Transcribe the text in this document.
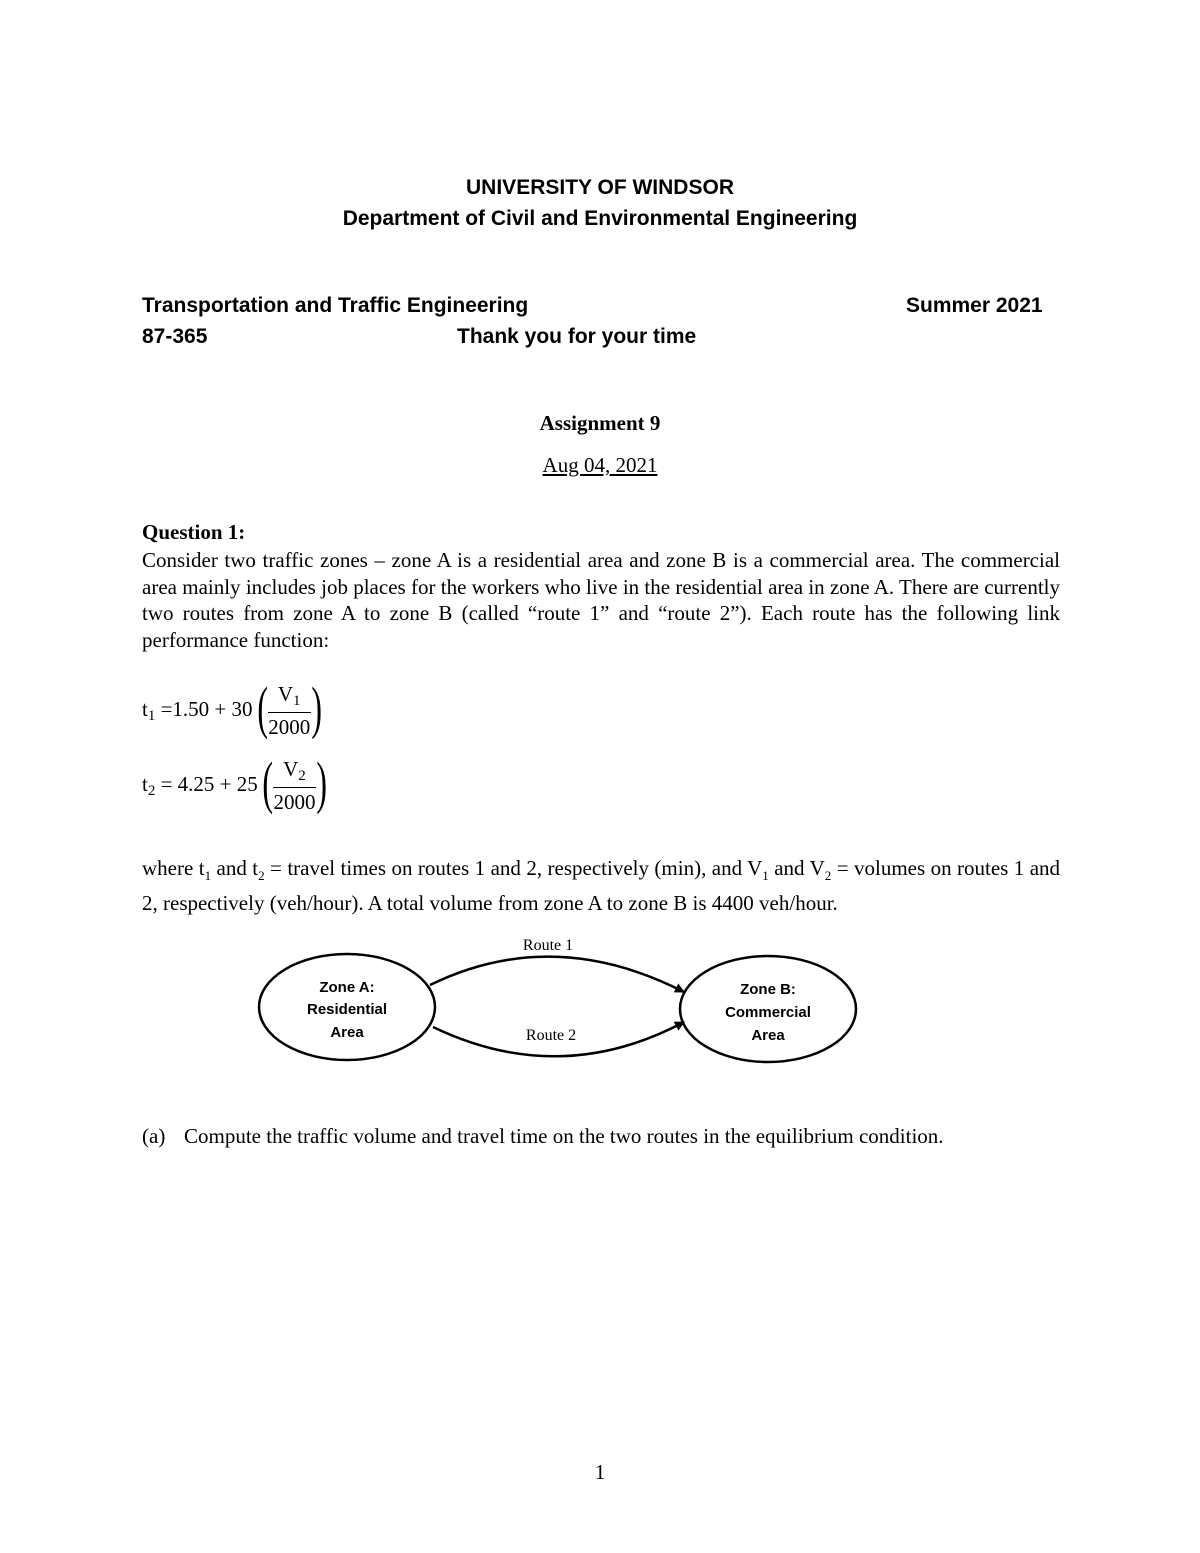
UNIVERSITY OF WINDSOR
Department of Civil and Environmental Engineering
Transportation and Traffic Engineering	Summer 2021
87-365	Thank you for your time
Assignment 9
Aug 04, 2021
Question 1:
Consider two traffic zones – zone A is a residential area and zone B is a commercial area. The commercial area mainly includes job places for the workers who live in the residential area in zone A. There are currently two routes from zone A to zone B (called “route 1” and “route 2”). Each route has the following link performance function:
$t_1 =1.50 + 30$ ( $\frac{V_1}{2000}$ )
$t_2 = 4.25 + 25$ ( $\frac{V_2}{2000}$ )
where $t_1$ and $t_2$ = travel times on routes 1 and 2, respectively (min), and $V_1$ and $V_2$ = volumes on routes 1 and 2, respectively (veh/hour). A total volume from zone A to zone B is 4400 veh/hour.
Route 1
Route 2
Zone A:
Residential
Area
Zone B:
Commercial
Area
(a) Compute the traffic volume and travel time on the two routes in the equilibrium condition.
1
